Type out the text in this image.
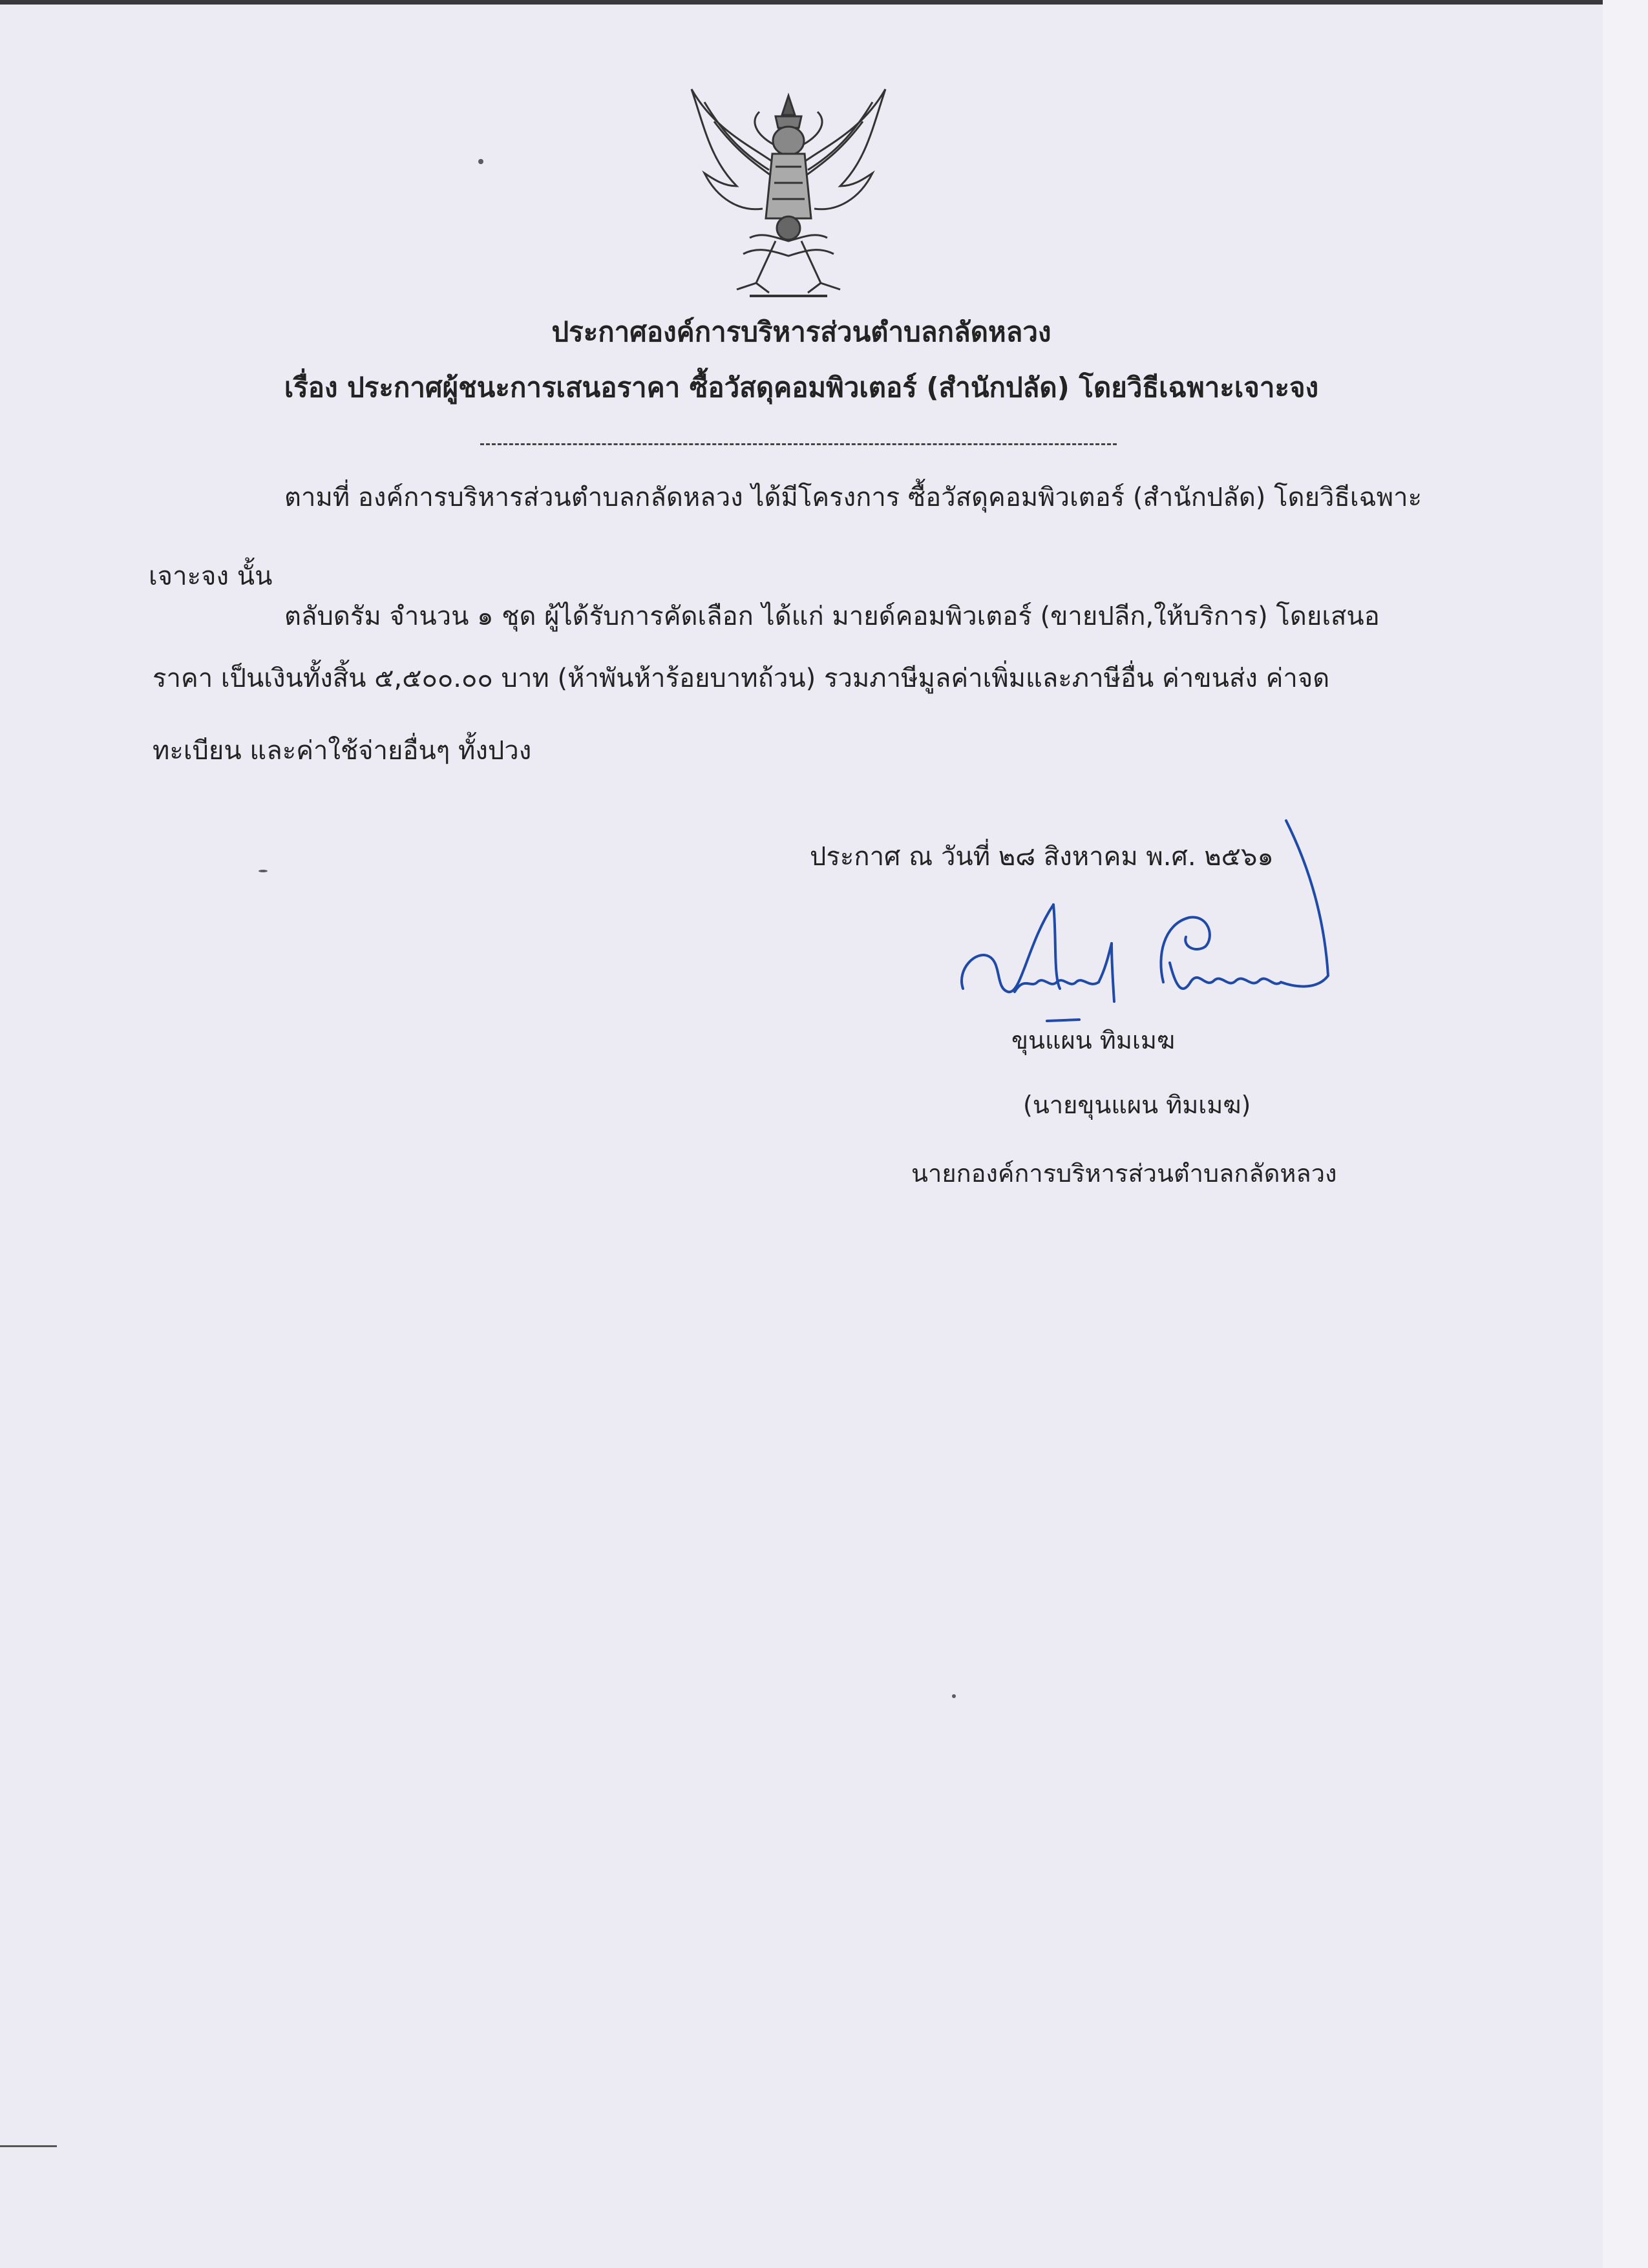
ประกาศองค์การบริหารส่วนตำบลกลัดหลวง
เรื่อง ประกาศผู้ชนะการเสนอราคา ซื้อวัสดุคอมพิวเตอร์ (สำนักปลัด) โดยวิธีเฉพาะเจาะจง
ตามที่ องค์การบริหารส่วนตำบลกลัดหลวง ได้มีโครงการ ซื้อวัสดุคอมพิวเตอร์ (สำนักปลัด) โดยวิธีเฉพาะ
เจาะจง นั้น
ตลับดรัม จำนวน ๑ ชุด ผู้ได้รับการคัดเลือก ได้แก่ มายด์คอมพิวเตอร์ (ขายปลีก,ให้บริการ) โดยเสนอ
ราคา เป็นเงินทั้งสิ้น ๕,๕๐๐.๐๐ บาท (ห้าพันห้าร้อยบาทถ้วน) รวมภาษีมูลค่าเพิ่มและภาษีอื่น ค่าขนส่ง ค่าจด
ทะเบียน และค่าใช้จ่ายอื่นๆ ทั้งปวง
ประกาศ ณ วันที่ ๒๘ สิงหาคม พ.ศ. ๒๕๖๑
ขุนแผน ทิมเมฆ
(นายขุนแผน ทิมเมฆ)
นายกองค์การบริหารส่วนตำบลกลัดหลวง
